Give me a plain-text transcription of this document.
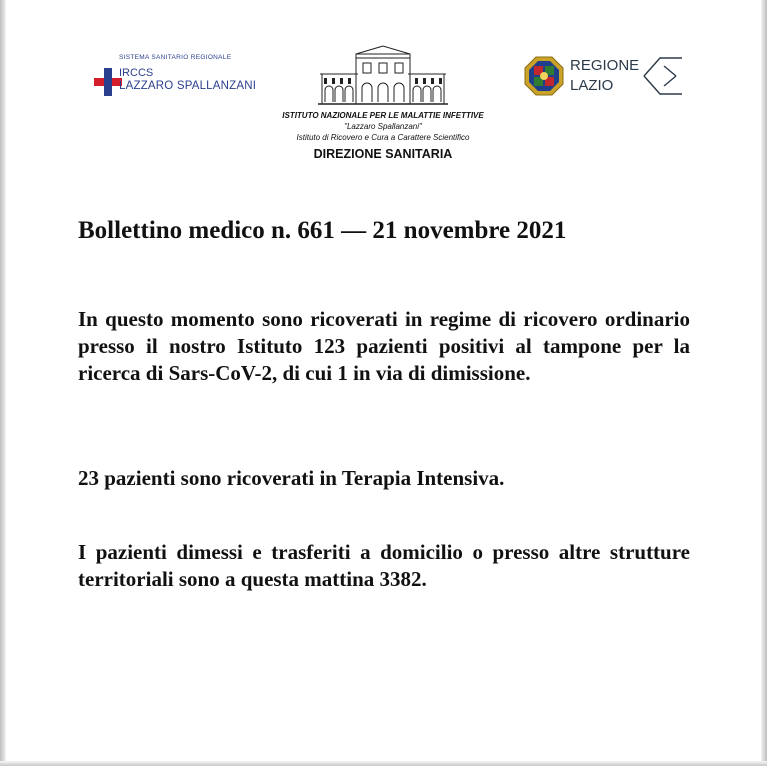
SISTEMA SANITARIO REGIONALE
IRCCS
LAZZARO SPALLANZANI
ISTITUTO NAZIONALE PER LE MALATTIE INFETTIVE
"Lazzaro Spallanzani"
Istituto di Ricovero e Cura a Carattere Scientifico
DIREZIONE SANITARIA
REGIONE
LAZIO
Bollettino medico n. 661 — 21 novembre 2021
In questo momento sono ricoverati in regime di ricovero ordinario presso il nostro Istituto 123 pazienti positivi al tampone per la ricerca di Sars-CoV-2, di cui 1 in via di dimissione.
23 pazienti sono ricoverati in Terapia Intensiva.
I pazienti dimessi e trasferiti a domicilio o presso altre strutture territoriali sono a questa mattina 3382.
